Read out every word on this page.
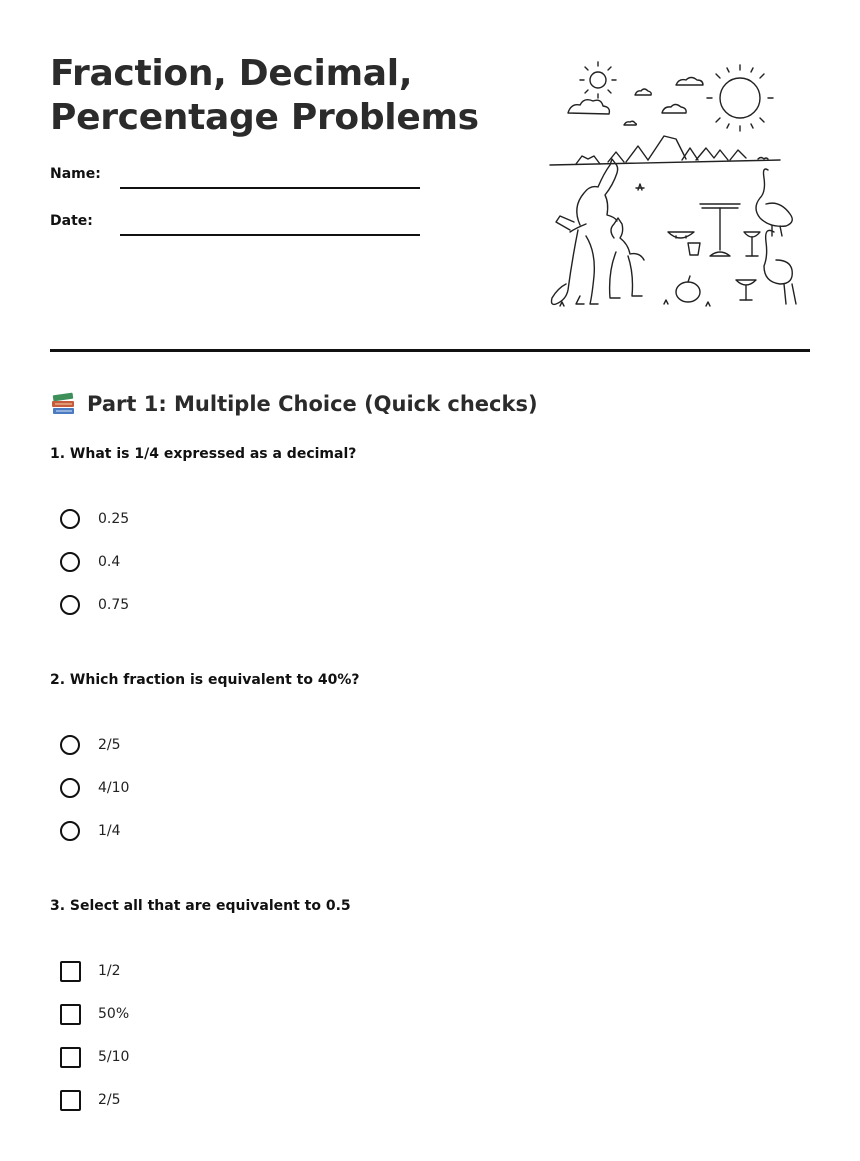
Fraction, Decimal,
Percentage Problems
Name:
Date:
Part 1: Multiple Choice (Quick checks)

1. What is 1/4 expressed as a decimal?

0.25
0.4
0.75

2. Which fraction is equivalent to 40%?

2/5
4/10
1/4

3. Select all that are equivalent to 0.5

1/2
50%
5/10
2/5
